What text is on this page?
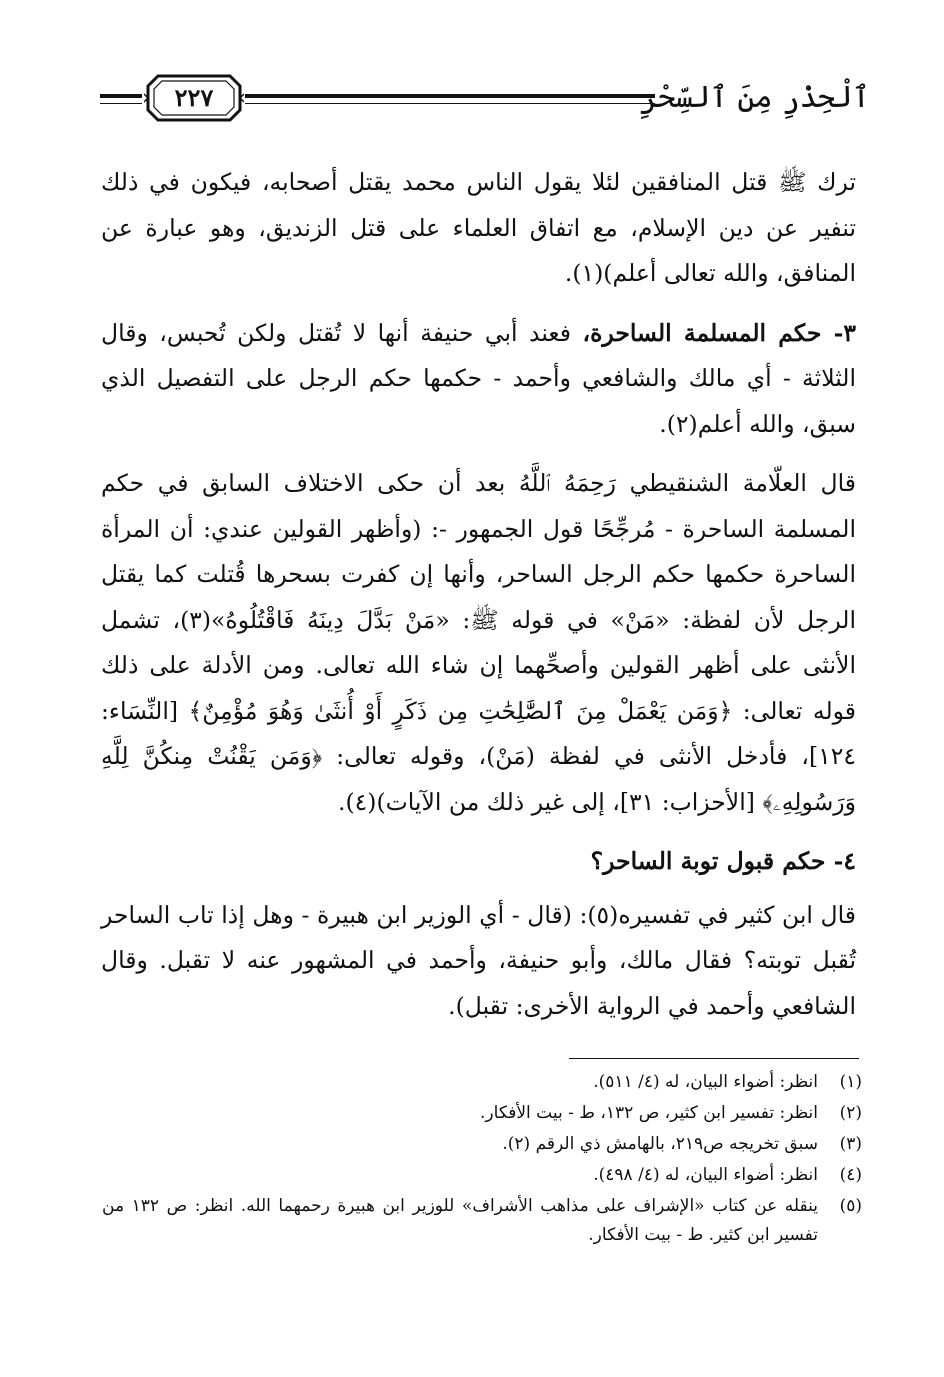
ٱلْحِذْرِ مِنَ ٱلسِّحْرِ
٢٢٧

ترك ﷺ قتل المنافقين لئلا يقول الناس محمد يقتل أصحابه، فيكون في ذلك تنفير عن دين الإسلام، مع اتفاق العلماء على قتل الزنديق، وهو عبارة عن المنافق، والله تعالى أعلم)(١).

٣- حكم المسلمة الساحرة، فعند أبي حنيفة أنها لا تُقتل ولكن تُحبس، وقال الثلاثة - أي مالك والشافعي وأحمد - حكمها حكم الرجل على التفصيل الذي سبق، والله أعلم(٢).

قال العلّامة الشنقيطي رَحِمَهُ ٱللَّهُ بعد أن حكى الاختلاف السابق في حكم المسلمة الساحرة - مُرجِّحًا قول الجمهور -: (وأظهر القولين عندي: أن المرأة الساحرة حكمها حكم الرجل الساحر، وأنها إن كفرت بسحرها قُتلت كما يقتل الرجل لأن لفظة: «مَنْ» في قوله ﷺ: «مَنْ بَدَّلَ دِينَهُ فَاقْتُلُوهُ»(٣)، تشمل الأنثى على أظهر القولين وأصحِّهما إن شاء الله تعالى. ومن الأدلة على ذلك قوله تعالى: ﴿وَمَن يَعْمَلْ مِنَ ٱلصَّٰلِحَٰتِ مِن ذَكَرٍ أَوْ أُنثَىٰ وَهُوَ مُؤْمِنٌ﴾ [النِّسَاء: ١٢٤]، فأدخل الأنثى في لفظة (مَنْ)، وقوله تعالى: ﴿وَمَن يَقْنُتْ مِنكُنَّ لِلَّهِ وَرَسُولِهِۦ﴾ [الأحزاب: ٣١]، إلى غير ذلك من الآيات)(٤).

٤- حكم قبول توبة الساحر؟

قال ابن كثير في تفسيره(٥): (قال - أي الوزير ابن هبيرة - وهل إذا تاب الساحر تُقبل توبته؟ فقال مالك، وأبو حنيفة، وأحمد في المشهور عنه لا تقبل. وقال الشافعي وأحمد في الرواية الأخرى: تقبل).

(١)
انظر: أضواء البيان، له (٤/ ٥١١).
(٢)
انظر: تفسير ابن كثير، ص ١٣٢، ط - بيت الأفكار.
(٣)
سبق تخريجه ص٢١٩، بالهامش ذي الرقم (٢).
(٤)
انظر: أضواء البيان، له (٤/ ٤٩٨).
(٥)
ينقله عن كتاب «الإشراف على مذاهب الأشراف» للوزير ابن هبيرة رحمهما الله. انظر: ص ١٣٢ من تفسير ابن كثير. ط - بيت الأفكار.
